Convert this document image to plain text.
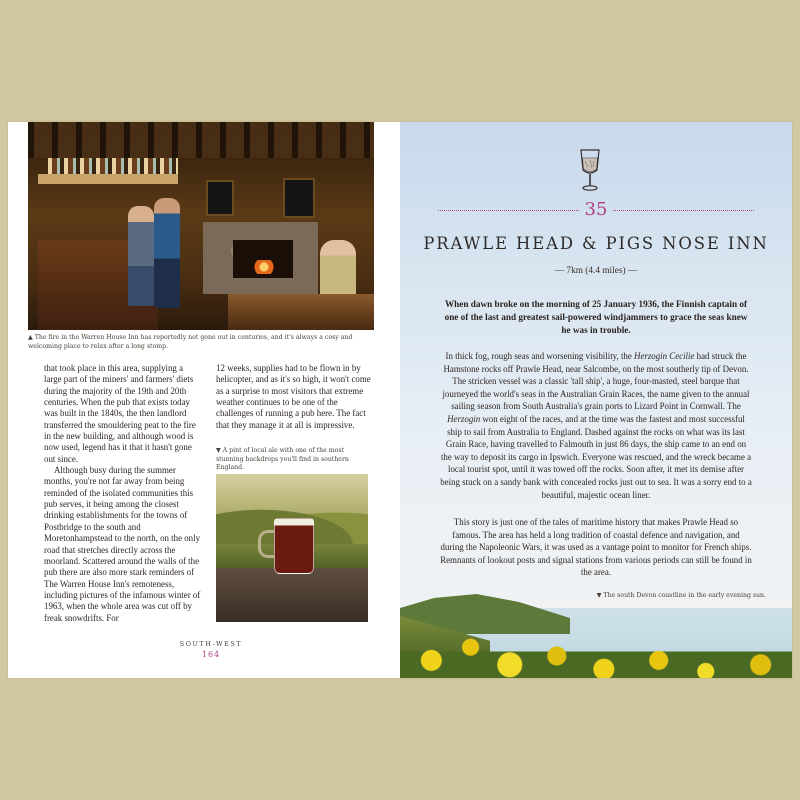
▲ The fire in the Warren House Inn has reportedly not gone out in centuries, and it's always a cosy and welcoming place to relax after a long stomp.

that took place in this area, supplying a large part of the miners' and farmers' diets during the majority of the 19th and 20th centuries. When the pub that exists today was built in the 1840s, the then landlord transferred the smouldering peat to the fire in the new building, and although wood is now used, legend has it that it hasn't gone out since.

Although busy during the summer months, you're not far away from being reminded of the isolated communities this pub serves, it being among the closest drinking establishments for the towns of Postbridge to the south and Moretonhampstead to the north, on the only road that stretches directly across the moorland. Scattered around the walls of the pub there are also more stark reminders of The Warren House Inn's remoteness, including pictures of the infamous winter of 1963, when the whole area was cut off by freak snowdrifts. For

12 weeks, supplies had to be flown in by helicopter, and as it's so high, it won't come as a surprise to most visitors that extreme weather continues to be one of the challenges of running a pub here. The fact that they manage it at all is impressive.

▼ A pint of local ale with one of the most stunning backdrops you'll find in southern England.

SOUTH-WEST
164
35
PRAWLE HEAD & PIGS NOSE INN
— 7km (4.4 miles) —

When dawn broke on the morning of 25 January 1936, the Finnish captain of one of the last and greatest sail-powered windjammers to grace the seas knew he was in trouble.

In thick fog, rough seas and worsening visibility, the Herzogin Cecilie had struck the Hamstone rocks off Prawle Head, near Salcombe, on the most southerly tip of Devon. The stricken vessel was a classic 'tall ship', a huge, four-masted, steel barque that journeyed the world's seas in the Australian Grain Races, the name given to the annual sailing season from South Australia's grain ports to Lizard Point in Cornwall. The Herzogin won eight of the races, and at the time was the fastest and most successful ship to sail from Australia to England. Dashed against the rocks on what was its last Grain Race, having travelled to Falmouth in just 86 days, the ship came to an end on the way to deposit its cargo in Ipswich. Everyone was rescued, and the wreck became a local tourist spot, until it was towed off the rocks. Soon after, it met its demise after being stuck on a sandy bank with concealed rocks just out to sea. It was a sorry end to a beautiful, majestic ocean liner.

This story is just one of the tales of maritime history that makes Prawle Head so famous. The area has held a long tradition of coastal defence and navigation, and during the Napoleonic Wars, it was used as a vantage point to monitor for French ships. Remnants of lookout posts and signal stations from various periods can still be found in the area.

▼ The south Devon coastline in the early evening sun.
